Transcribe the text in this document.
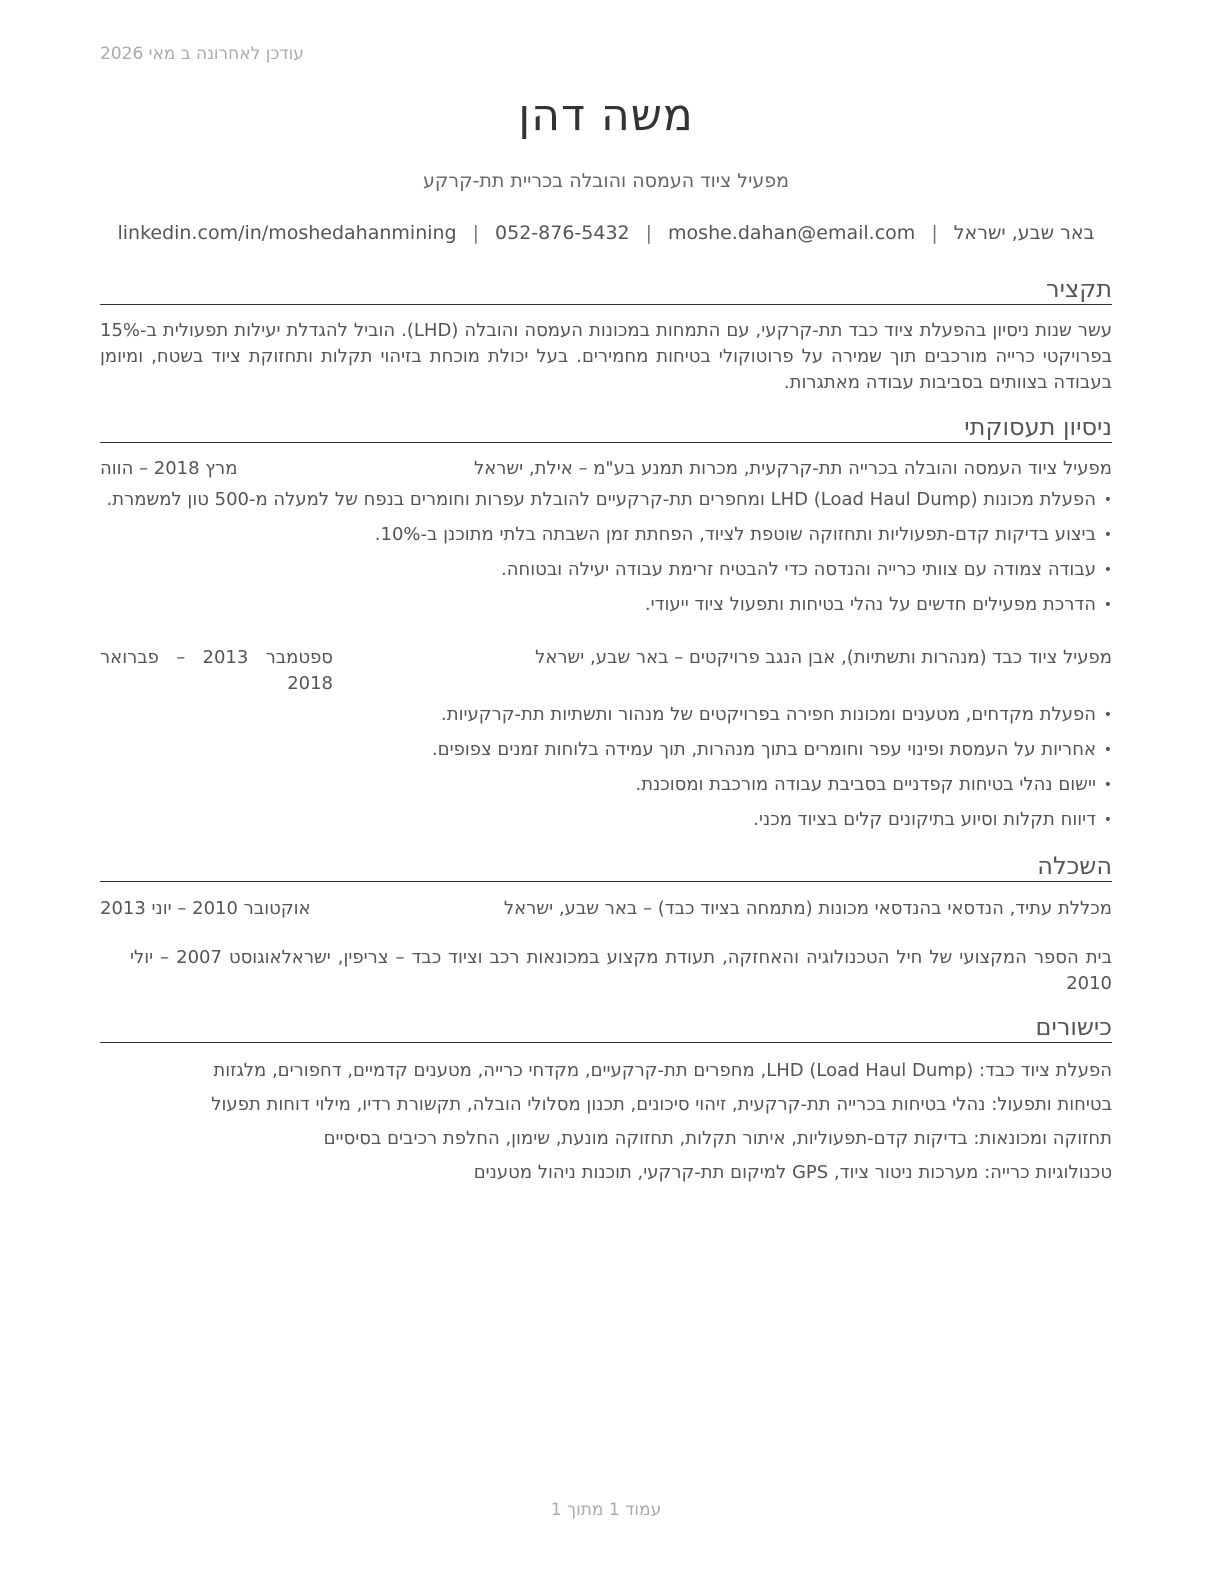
עודכן לאחרונה ב מאי 2026
משה דהן
מפעיל ציוד העמסה והובלה בכריית תת-קרקע
באר שבע, ישראל|moshe.dahan@email.com|052-876-5432|linkedin.com/in/moshedahanmining
תקציר
עשר שנות ניסיון בהפעלת ציוד כבד תת-קרקעי, עם התמחות במכונות העמסה והובלה (LHD). הוביל להגדלת יעילות תפעולית ב-15% בפרויקטי כרייה מורכבים תוך שמירה על פרוטוקולי בטיחות מחמירים. בעל יכולת מוכחת בזיהוי תקלות ותחזוקת ציוד בשטח, ומיומן בעבודה בצוותים בסביבות עבודה מאתגרות.
ניסיון תעסוקתי
מפעיל ציוד העמסה והובלה בכרייה תת-קרקעית, מכרות תמנע בע"מ – אילת, ישראל
מרץ 2018 – הווה
• הפעלת מכונות LHD (Load Haul Dump) ומחפרים תת-קרקעיים להובלת עפרות וחומרים בנפח של למעלה מ-500 טון למשמרת.
• ביצוע בדיקות קדם-תפעוליות ותחזוקה שוטפת לציוד, הפחתת זמן השבתה בלתי מתוכנן ב-10%.
• עבודה צמודה עם צוותי כרייה והנדסה כדי להבטיח זרימת עבודה יעילה ובטוחה.
• הדרכת מפעילים חדשים על נהלי בטיחות ותפעול ציוד ייעודי.
מפעיל ציוד כבד (מנהרות ותשתיות), אבן הנגב פרויקטים – באר שבע, ישראל
ספטמבר 2013 – פברואר 2018
• הפעלת מקדחים, מטענים ומכונות חפירה בפרויקטים של מנהור ותשתיות תת-קרקעיות.
• אחריות על העמסת ופינוי עפר וחומרים בתוך מנהרות, תוך עמידה בלוחות זמנים צפופים.
• יישום נהלי בטיחות קפדניים בסביבת עבודה מורכבת ומסוכנת.
• דיווח תקלות וסיוע בתיקונים קלים בציוד מכני.
השכלה
מכללת עתיד, הנדסאי בהנדסאי מכונות (מתמחה בציוד כבד) – באר שבע, ישראל
אוקטובר 2010 – יוני 2013
בית הספר המקצועי של חיל הטכנולוגיה והאחזקה, תעודת מקצוע במכונאות רכב וציוד כבד – צריפין, ישראלאוגוסט 2007 – יולי 2010
כישורים
הפעלת ציוד כבד: LHD (Load Haul Dump), מחפרים תת-קרקעיים, מקדחי כרייה, מטענים קדמיים, דחפורים, מלגזות
בטיחות ותפעול: נהלי בטיחות בכרייה תת-קרקעית, זיהוי סיכונים, תכנון מסלולי הובלה, תקשורת רדיו, מילוי דוחות תפעול
תחזוקה ומכונאות: בדיקות קדם-תפעוליות, איתור תקלות, תחזוקה מונעת, שימון, החלפת רכיבים בסיסיים
טכנולוגיות כרייה: מערכות ניטור ציוד, GPS למיקום תת-קרקעי, תוכנות ניהול מטענים
עמוד 1 מתוך 1
